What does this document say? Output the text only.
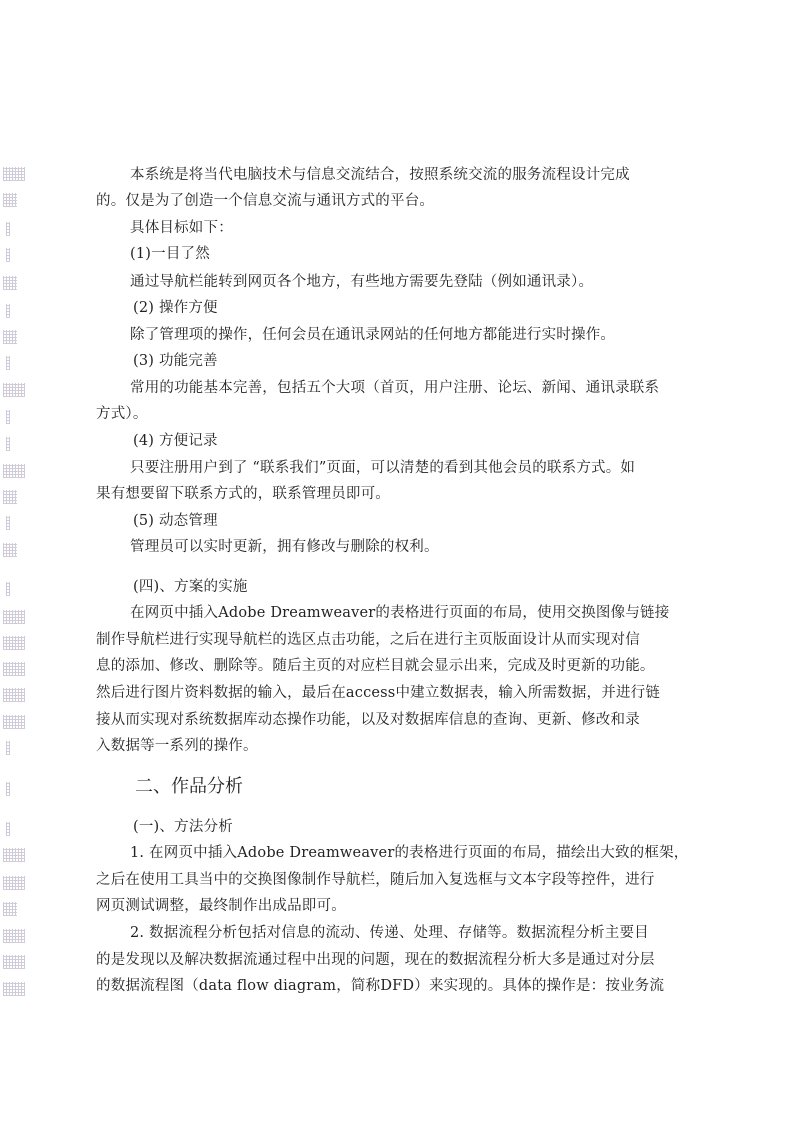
本系统是将当代电脑技术与信息交流结合，按照系统交流的服务流程设计完成
的。仅是为了创造一个信息交流与通讯方式的平台。
具体目标如下：
(1)一目了然
通过导航栏能转到网页各个地方，有些地方需要先登陆（例如通讯录）。
(2) 操作方便
除了管理项的操作，任何会员在通讯录网站的任何地方都能进行实时操作。
(3) 功能完善
常用的功能基本完善，包括五个大项（首页，用户注册、论坛、新闻、通讯录联系
方式）。
(4) 方便记录
只要注册用户到了 “联系我们”页面，可以清楚的看到其他会员的联系方式。如
果有想要留下联系方式的，联系管理员即可。
(5) 动态管理
管理员可以实时更新，拥有修改与删除的权利。
(四)、方案的实施
在网页中插入Adobe Dreamweaver的表格进行页面的布局，使用交换图像与链接
制作导航栏进行实现导航栏的选区点击功能，之后在进行主页版面设计从而实现对信
息的添加、修改、删除等。随后主页的对应栏目就会显示出来，完成及时更新的功能。
然后进行图片资料数据的输入，最后在access中建立数据表，输入所需数据，并进行链
接从而实现对系统数据库动态操作功能，以及对数据库信息的查询、更新、修改和录
入数据等一系列的操作。
二、作品分析
(一)、方法分析
1. 在网页中插入Adobe Dreamweaver的表格进行页面的布局，描绘出大致的框架，
之后在使用工具当中的交换图像制作导航栏，随后加入复选框与文本字段等控件，进行
网页测试调整，最终制作出成品即可。
2. 数据流程分析包括对信息的流动、传递、处理、存储等。数据流程分析主要目
的是发现以及解决数据流通过程中出现的问题，现在的数据流程分析大多是通过对分层
的数据流程图（data flow diagram，简称DFD）来实现的。具体的操作是：按业务流
